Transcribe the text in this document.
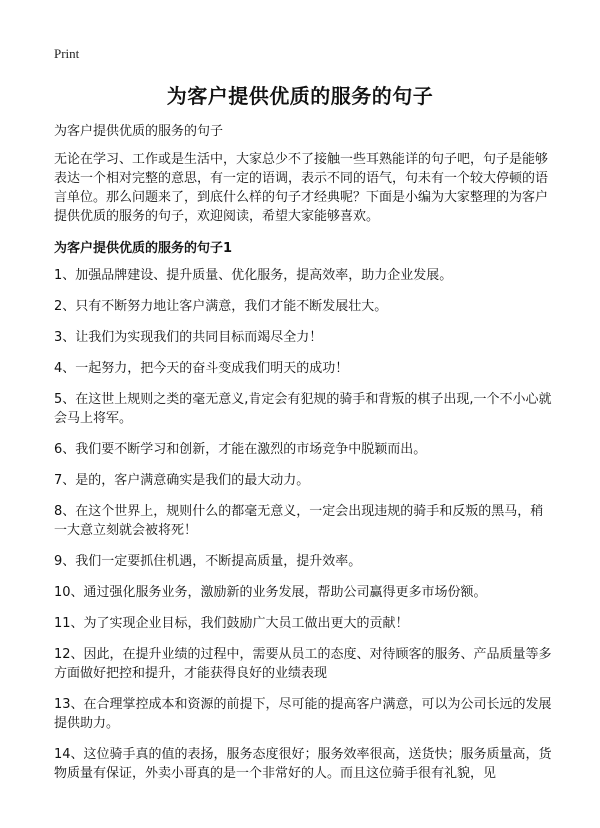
Print
为客户提供优质的服务的句子
为客户提供优质的服务的句子
无论在学习、工作或是生活中，大家总少不了接触一些耳熟能详的句子吧，句子是能够表达一个相对完整的意思，有一定的语调，表示不同的语气，句未有一个较大停顿的语言单位。那么问题来了，到底什么样的句子才经典呢？下面是小编为大家整理的为客户提供优质的服务的句子，欢迎阅读，希望大家能够喜欢。
为客户提供优质的服务的句子1
1、加强品牌建设、提升质量、优化服务，提高效率，助力企业发展。
2、只有不断努力地让客户满意，我们才能不断发展壮大。
3、让我们为实现我们的共同目标而竭尽全力！
4、一起努力，把今天的奋斗变成我们明天的成功！
5、在这世上规则之类的毫无意义,肯定会有犯规的骑手和背叛的棋子出现,一个不小心就会马上将军。
6、我们要不断学习和创新，才能在激烈的市场竞争中脱颖而出。
7、是的，客户满意确实是我们的最大动力。
8、在这个世界上，规则什么的都毫无意义，一定会出现违规的骑手和反叛的黑马，稍一大意立刻就会被将死！
9、我们一定要抓住机遇，不断提高质量，提升效率。
10、通过强化服务业务，激励新的业务发展，帮助公司赢得更多市场份额。
11、为了实现企业目标，我们鼓励广大员工做出更大的贡献！
12、因此，在提升业绩的过程中，需要从员工的态度、对待顾客的服务、产品质量等多方面做好把控和提升，才能获得良好的业绩表现
13、在合理掌控成本和资源的前提下，尽可能的提高客户满意，可以为公司长远的发展提供助力。
14、这位骑手真的值的表扬，服务态度很好；服务效率很高，送货快；服务质量高，货物质量有保证，外卖小哥真的是一个非常好的人。而且这位骑手很有礼貌，见
